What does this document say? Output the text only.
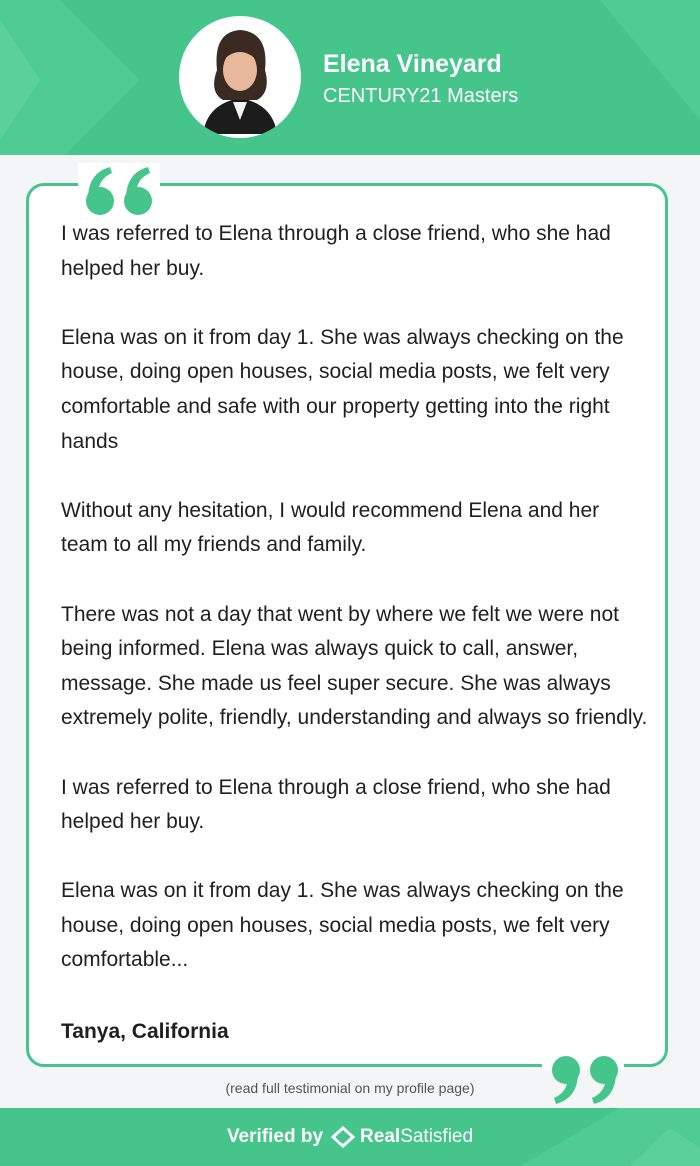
Elena Vineyard
CENTURY21 Masters

I was referred to Elena through a close friend, who she had helped her buy.

Elena was on it from day 1. She was always checking on the house, doing open houses, social media posts, we felt very comfortable and safe with our property getting into the right hands

Without any hesitation, I would recommend Elena and her team to all my friends and family.

There was not a day that went by where we felt we were not being informed. Elena was always quick to call, answer, message. She made us feel super secure. She was always extremely polite, friendly, understanding and always so friendly.

I was referred to Elena through a close friend, who she had helped her buy.

Elena was on it from day 1. She was always checking on the house, doing open houses, social media posts, we felt very comfortable...

Tanya, California
(read full testimonial on my profile page)
Verified by Real Satisfied
